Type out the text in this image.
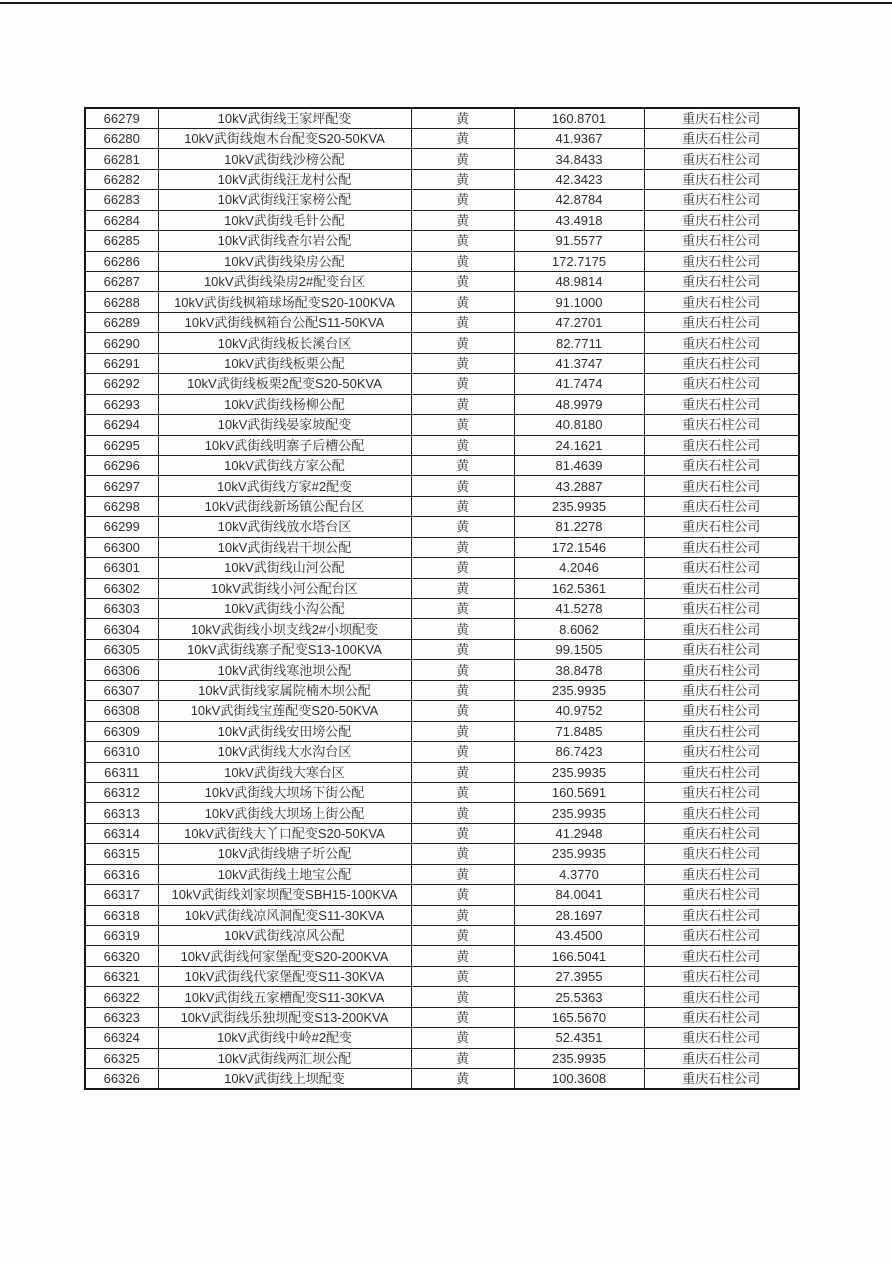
66279	10kV武街线王家坪配变	黄	160.8701	重庆石柱公司
66280	10kV武街线炮木台配变S20-50KVA	黄	41.9367	重庆石柱公司
66281	10kV武街线沙榜公配	黄	34.8433	重庆石柱公司
66282	10kV武街线汪龙村公配	黄	42.3423	重庆石柱公司
66283	10kV武街线汪家榜公配	黄	42.8784	重庆石柱公司
66284	10kV武街线毛针公配	黄	43.4918	重庆石柱公司
66285	10kV武街线查尔岩公配	黄	91.5577	重庆石柱公司
66286	10kV武街线染房公配	黄	172.7175	重庆石柱公司
66287	10kV武街线染房2#配变台区	黄	48.9814	重庆石柱公司
66288	10kV武街线枫箱球场配变S20-100KVA	黄	91.1000	重庆石柱公司
66289	10kV武街线枫箱台公配S11-50KVA	黄	47.2701	重庆石柱公司
66290	10kV武街线板长溪台区	黄	82.7711	重庆石柱公司
66291	10kV武街线板栗公配	黄	41.3747	重庆石柱公司
66292	10kV武街线板栗2配变S20-50KVA	黄	41.7474	重庆石柱公司
66293	10kV武街线杨柳公配	黄	48.9979	重庆石柱公司
66294	10kV武街线晏家坡配变	黄	40.8180	重庆石柱公司
66295	10kV武街线明寨子后槽公配	黄	24.1621	重庆石柱公司
66296	10kV武街线方家公配	黄	81.4639	重庆石柱公司
66297	10kV武街线方家#2配变	黄	43.2887	重庆石柱公司
66298	10kV武街线新场镇公配台区	黄	235.9935	重庆石柱公司
66299	10kV武街线放水塔台区	黄	81.2278	重庆石柱公司
66300	10kV武街线岩干坝公配	黄	172.1546	重庆石柱公司
66301	10kV武街线山河公配	黄	4.2046	重庆石柱公司
66302	10kV武街线小河公配台区	黄	162.5361	重庆石柱公司
66303	10kV武街线小沟公配	黄	41.5278	重庆石柱公司
66304	10kV武街线小坝支线2#小坝配变	黄	8.6062	重庆石柱公司
66305	10kV武街线寨子配变S13-100KVA	黄	99.1505	重庆石柱公司
66306	10kV武街线寒池坝公配	黄	38.8478	重庆石柱公司
66307	10kV武街线家属院楠木坝公配	黄	235.9935	重庆石柱公司
66308	10kV武街线宝莲配变S20-50KVA	黄	40.9752	重庆石柱公司
66309	10kV武街线安田塝公配	黄	71.8485	重庆石柱公司
66310	10kV武街线大水沟台区	黄	86.7423	重庆石柱公司
66311	10kV武街线大寒台区	黄	235.9935	重庆石柱公司
66312	10kV武街线大坝场下街公配	黄	160.5691	重庆石柱公司
66313	10kV武街线大坝场上街公配	黄	235.9935	重庆石柱公司
66314	10kV武街线大丫口配变S20-50KVA	黄	41.2948	重庆石柱公司
66315	10kV武街线塘子圻公配	黄	235.9935	重庆石柱公司
66316	10kV武街线土地宝公配	黄	4.3770	重庆石柱公司
66317	10kV武街线刘家坝配变SBH15-100KVA	黄	84.0041	重庆石柱公司
66318	10kV武街线凉风洞配变S11-30KVA	黄	28.1697	重庆石柱公司
66319	10kV武街线凉风公配	黄	43.4500	重庆石柱公司
66320	10kV武街线何家堡配变S20-200KVA	黄	166.5041	重庆石柱公司
66321	10kV武街线代家堡配变S11-30KVA	黄	27.3955	重庆石柱公司
66322	10kV武街线五家槽配变S11-30KVA	黄	25.5363	重庆石柱公司
66323	10kV武街线乐独坝配变S13-200KVA	黄	165.5670	重庆石柱公司
66324	10kV武街线中岭#2配变	黄	52.4351	重庆石柱公司
66325	10kV武街线两汇坝公配	黄	235.9935	重庆石柱公司
66326	10kV武街线上坝配变	黄	100.3608	重庆石柱公司
